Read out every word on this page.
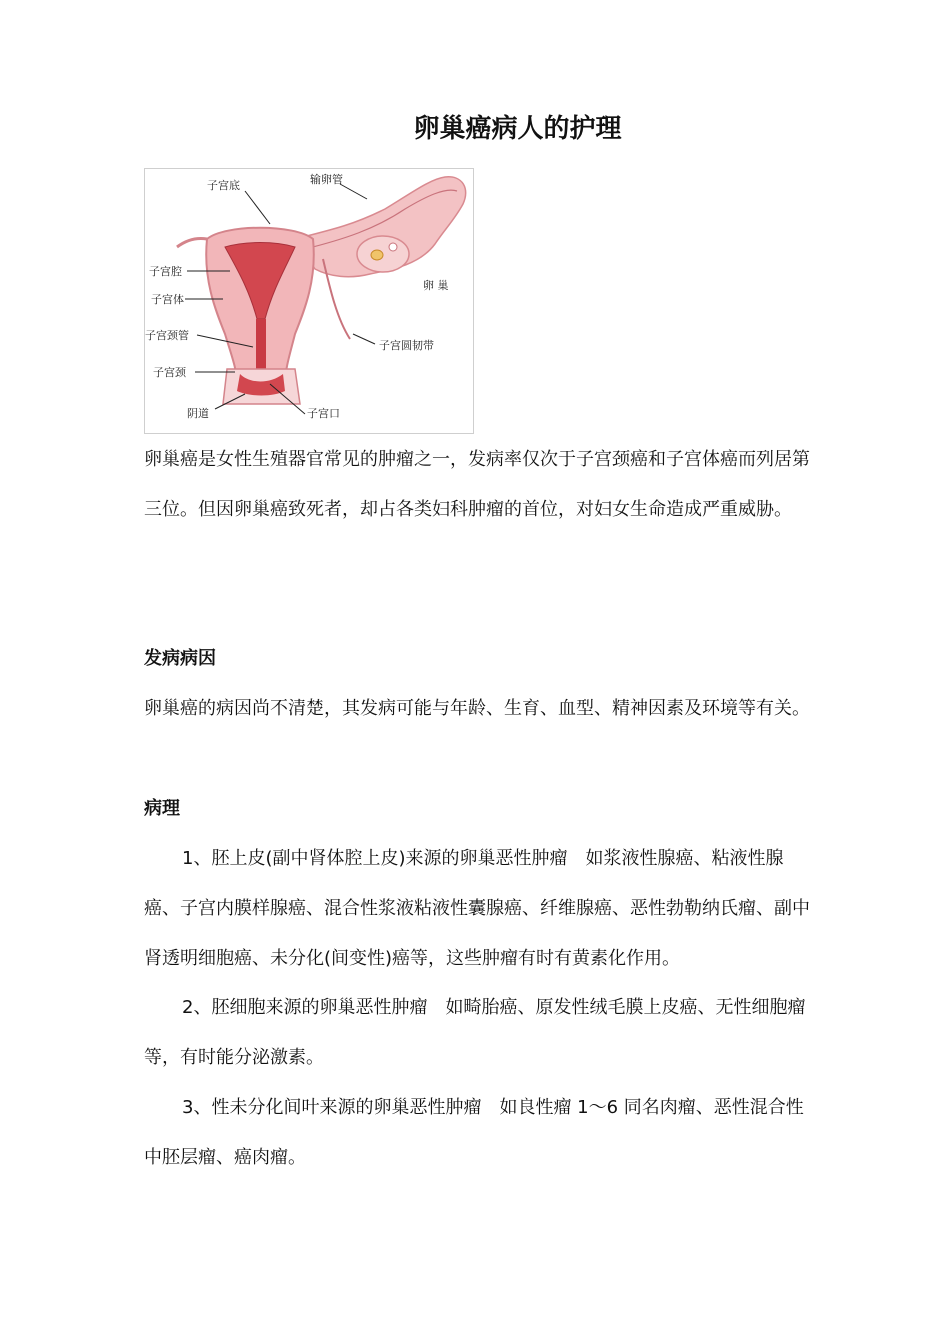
卵巢癌病人的护理
子宫底	输卵管
子宫腔
子宫体
子宫颈管
子宫颈
阴道	子宫口
卵 巢
子宫圆韧带

卵巢癌是女性生殖器官常见的肿瘤之一，发病率仅次于子宫颈癌和子宫体癌而列居第三位。但因卵巢癌致死者，却占各类妇科肿瘤的首位，对妇女生命造成严重威胁。

发病病因

卵巢癌的病因尚不清楚，其发病可能与年龄、生育、血型、精神因素及环境等有关。

病理

1、胚上皮(副中肾体腔上皮)来源的卵巢恶性肿瘤　如浆液性腺癌、粘液性腺癌、子宫内膜样腺癌、混合性浆液粘液性囊腺癌、纤维腺癌、恶性勃勒纳氏瘤、副中肾透明细胞癌、未分化(间变性)癌等，这些肿瘤有时有黄素化作用。

2、胚细胞来源的卵巢恶性肿瘤　如畸胎癌、原发性绒毛膜上皮癌、无性细胞瘤等，有时能分泌激素。

3、性未分化间叶来源的卵巢恶性肿瘤　如良性瘤 1～6 同名肉瘤、恶性混合性中胚层瘤、癌肉瘤。
